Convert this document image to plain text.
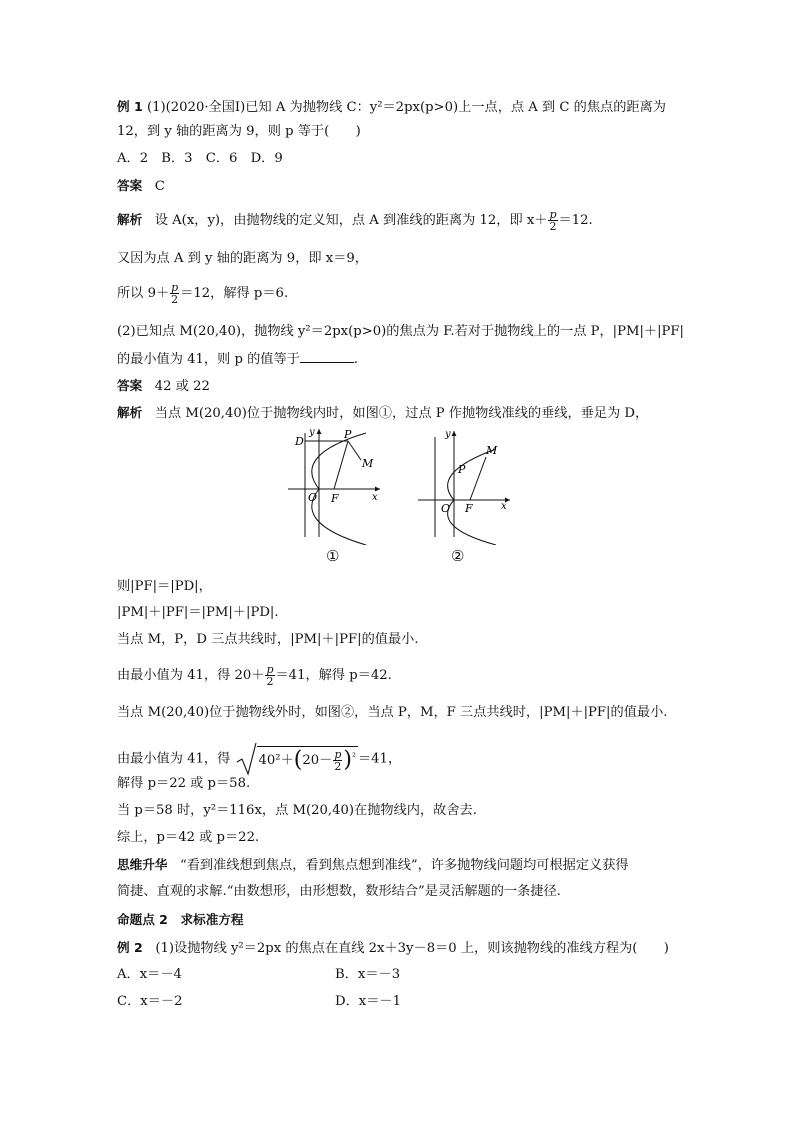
例 1 (1)(2020·全国Ⅰ)已知 A 为抛物线 C：y²＝2px(p>0)上一点，点 A 到 C 的焦点的距离为
12，到 y 轴的距离为 9，则 p 等于(　　)
A．2　B．3　C．6　D．9
答案 C
解析 设 A(x，y)，由抛物线的定义知，点 A 到准线的距离为 12，即 $x+ \frac{p}{2} =12$.
又因为点 A 到 y 轴的距离为 9，即 x＝9，
所以 $9+ \frac{p}{2} =12$，解得 p＝6.
(2)已知点 M(20,40)，抛物线 y²＝2px(p>0)的焦点为 F.若对于抛物线上的一点 P，|PM|＋|PF|
的最小值为 41，则 p 的值等于	.
答案 42 或 22
解析 当点 M(20,40)位于抛物线内时，如图①，过点 P 作抛物线准线的垂线，垂足为 D，
y
x
O F
P
M
D
①
y
x
O F
P
M
②
则|PF|＝|PD|，
|PM|＋|PF|＝|PM|＋|PD|.
当点 M，P，D 三点共线时，|PM|＋|PF|的值最小.
由最小值为 41，得 $20+ \frac{p}{2} =41$，解得 p＝42.
当点 M(20,40)位于抛物线外时，如图②，当点 P，M，F 三点共线时，|PM|＋|PF|的值最小.
由最小值为 41，得 $40^2+(20- \frac{p}{2} )^{^2} =41$，
解得 p＝22 或 p＝58.
当 p＝58 时，y²＝116x，点 M(20,40)在抛物线内，故舍去.
综上，p＝42 或 p＝22.
思维升华 “看到准线想到焦点，看到焦点想到准线”，许多抛物线问题均可根据定义获得
简捷、直观的求解.“由数想形，由形想数，数形结合”是灵活解题的一条捷径.
命题点 2　求标准方程
例 2 (1)设抛物线 y²＝2px 的焦点在直线 2x＋3y－8＝0 上，则该抛物线的准线方程为(　　)
A．x＝－4	B．x＝－3
C．x＝－2	D．x＝－1
